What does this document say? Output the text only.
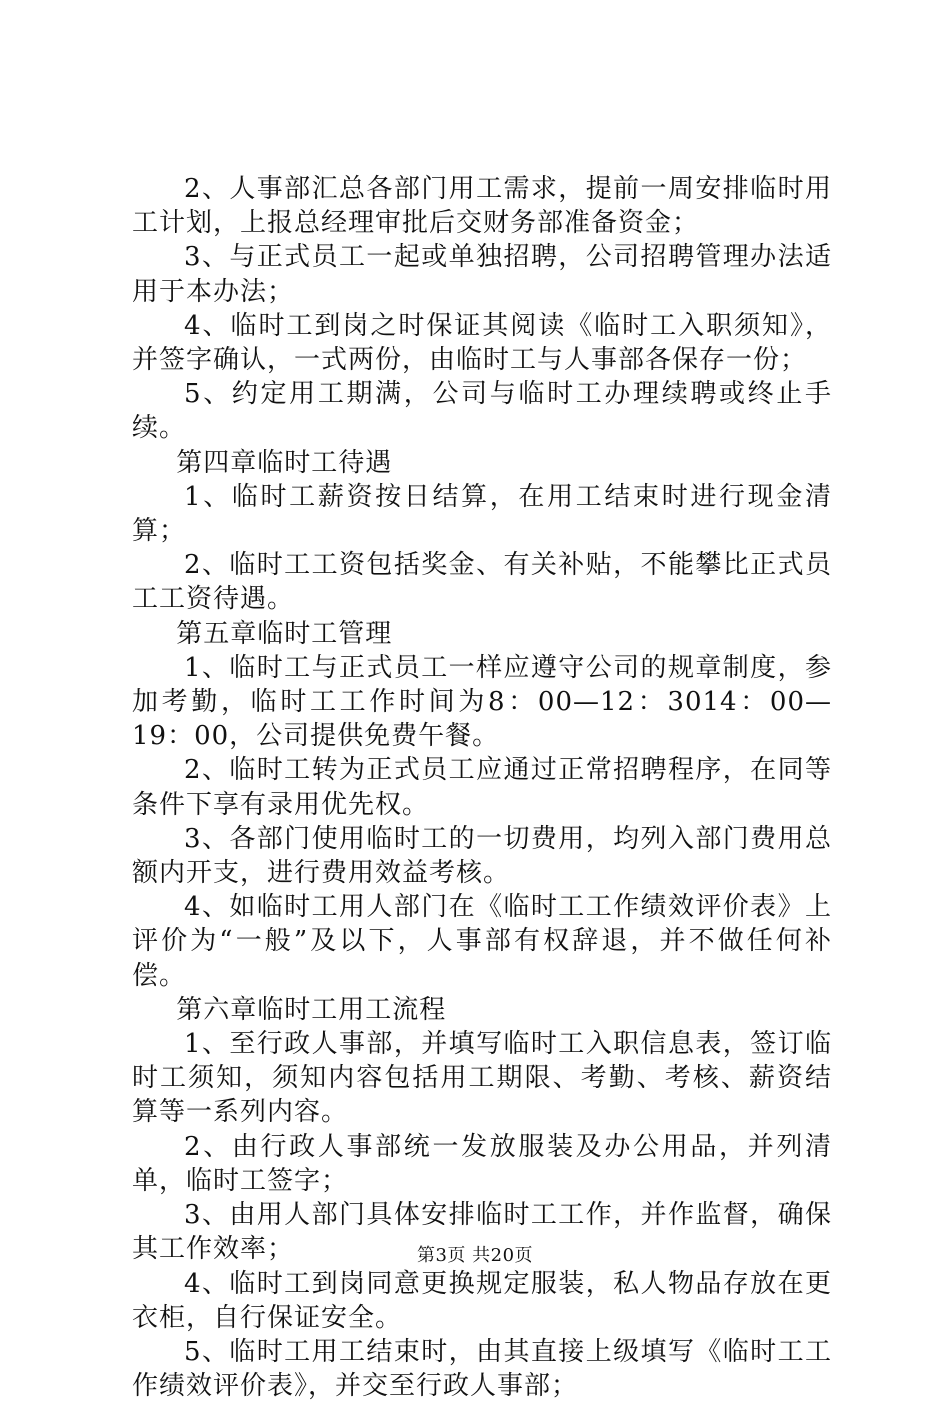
2、人事部汇总各部门用工需求，提前一周安排临时用工计划，上报总经理审批后交财务部准备资金；

3、与正式员工一起或单独招聘，公司招聘管理办法适用于本办法；

4、临时工到岗之时保证其阅读《临时工入职须知》，并签字确认，一式两份，由临时工与人事部各保存一份；

5、约定用工期满，公司与临时工办理续聘或终止手续。

第四章临时工待遇

1、临时工薪资按日结算，在用工结束时进行现金清算；

2、临时工工资包括奖金、有关补贴，不能攀比正式员工工资待遇。

第五章临时工管理

1、临时工与正式员工一样应遵守公司的规章制度，参加考勤，临时工工作时间为8：00—12：3014：00—19：00，公司提供免费午餐。

2、临时工转为正式员工应通过正常招聘程序，在同等条件下享有录用优先权。

3、各部门使用临时工的一切费用，均列入部门费用总额内开支，进行费用效益考核。

4、如临时工用人部门在《临时工工作绩效评价表》上评价为“一般”及以下，人事部有权辞退，并不做任何补偿。

第六章临时工用工流程

1、至行政人事部，并填写临时工入职信息表，签订临时工须知，须知内容包括用工期限、考勤、考核、薪资结算等一系列内容。

2、由行政人事部统一发放服装及办公用品，并列清单，临时工签字；

3、由用人部门具体安排临时工工作，并作监督，确保其工作效率；

4、临时工到岗同意更换规定服装，私人物品存放在更衣柜，自行保证安全。

5、临时工用工结束时，由其直接上级填写《临时工工作绩效评价表》，并交至行政人事部；

第3页 共20页
